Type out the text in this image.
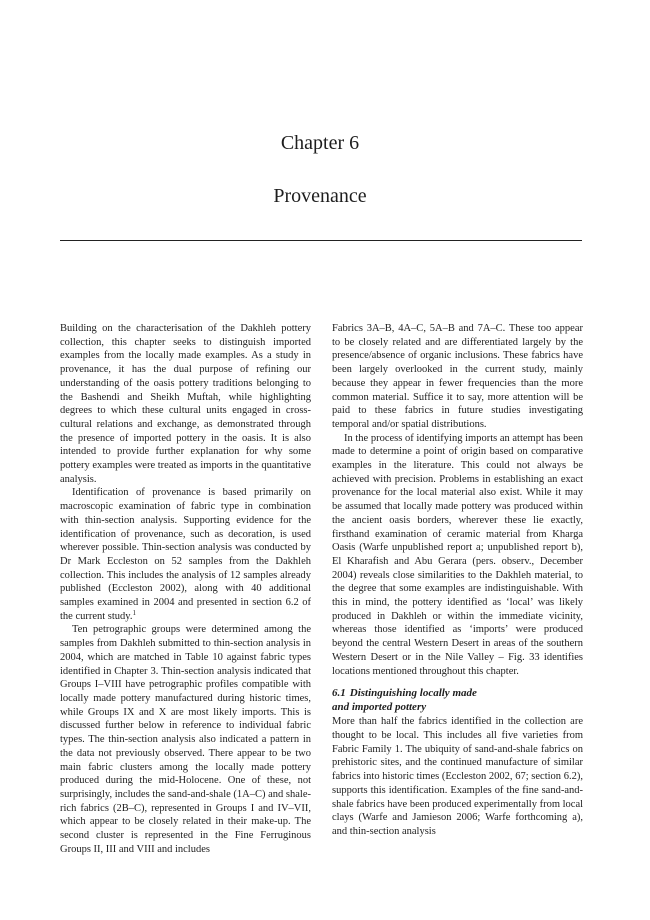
Chapter 6
Provenance

Building on the characterisation of the Dakhleh pottery collection, this chapter seeks to distinguish imported examples from the locally made examples. As a study in provenance, it has the dual purpose of refining our understanding of the oasis pottery traditions belonging to the Bashendi and Sheikh Muftah, while highlighting degrees to which these cultural units engaged in cross-cultural relations and exchange, as demonstrated through the presence of imported pottery in the oasis. It is also intended to provide further explanation for why some pottery examples were treated as imports in the quantitative analysis.

Identification of provenance is based primarily on macroscopic examination of fabric type in combination with thin-section analysis. Supporting evidence for the identification of provenance, such as decoration, is used wherever possible. Thin-section analysis was conducted by Dr Mark Eccleston on 52 samples from the Dakhleh collection. This includes the analysis of 12 samples already published (Eccleston 2002), along with 40 additional samples examined in 2004 and presented in section 6.2 of the current study.$^1$

Ten petrographic groups were determined among the samples from Dakhleh submitted to thin-section analysis in 2004, which are matched in Table 10 against fabric types identified in Chapter 3. Thin-section analysis indicated that Groups I–VIII have petrographic profiles compatible with locally made pottery manufactured during historic times, while Groups IX and X are most likely imports. This is discussed further below in reference to individual fabric types. The thin-section analysis also indicated a pattern in the data not previously observed. There appear to be two main fabric clusters among the locally made pottery produced during the mid-Holocene. One of these, not surprisingly, includes the sand-and-shale (1A–C) and shale-rich fabrics (2B–C), represented in Groups I and IV–VII, which appear to be closely related in their make-up. The second cluster is represented in the Fine Ferruginous Groups II, III and VIII and includes

Fabrics 3A–B, 4A–C, 5A–B and 7A–C. These too appear to be closely related and are differentiated largely by the presence/absence of organic inclusions. These fabrics have been largely overlooked in the current study, mainly because they appear in fewer frequencies than the more common material. Suffice it to say, more attention will be paid to these fabrics in future studies investigating temporal and/or spatial distributions.

In the process of identifying imports an attempt has been made to determine a point of origin based on comparative examples in the literature. This could not always be achieved with precision. Problems in establishing an exact provenance for the local material also exist. While it may be assumed that locally made pottery was produced within the ancient oasis borders, wherever these lie exactly, firsthand examination of ceramic material from Kharga Oasis (Warfe unpublished report a; unpublished report b), El Kharafish and Abu Gerara (pers. observ., December 2004) reveals close similarities to the Dakhleh material, to the degree that some examples are indistinguishable. With this in mind, the pottery identified as ‘local’ was likely produced in Dakhleh or within the immediate vicinity, whereas those identified as ‘imports’ were produced beyond the central Western Desert in areas of the southern Western Desert or in the Nile Valley – Fig. 33 identifies locations mentioned throughout this chapter.

6.1 Distinguishing locally made
and imported pottery

More than half the fabrics identified in the collection are thought to be local. This includes all five varieties from Fabric Family 1. The ubiquity of sand-and-shale fabrics on prehistoric sites, and the continued manufacture of similar fabrics into historic times (Eccleston 2002, 67; section 6.2), supports this identification. Examples of the fine sand-and-shale fabrics have been produced experimentally from local clays (Warfe and Jamieson 2006; Warfe forthcoming a), and thin-section analysis
